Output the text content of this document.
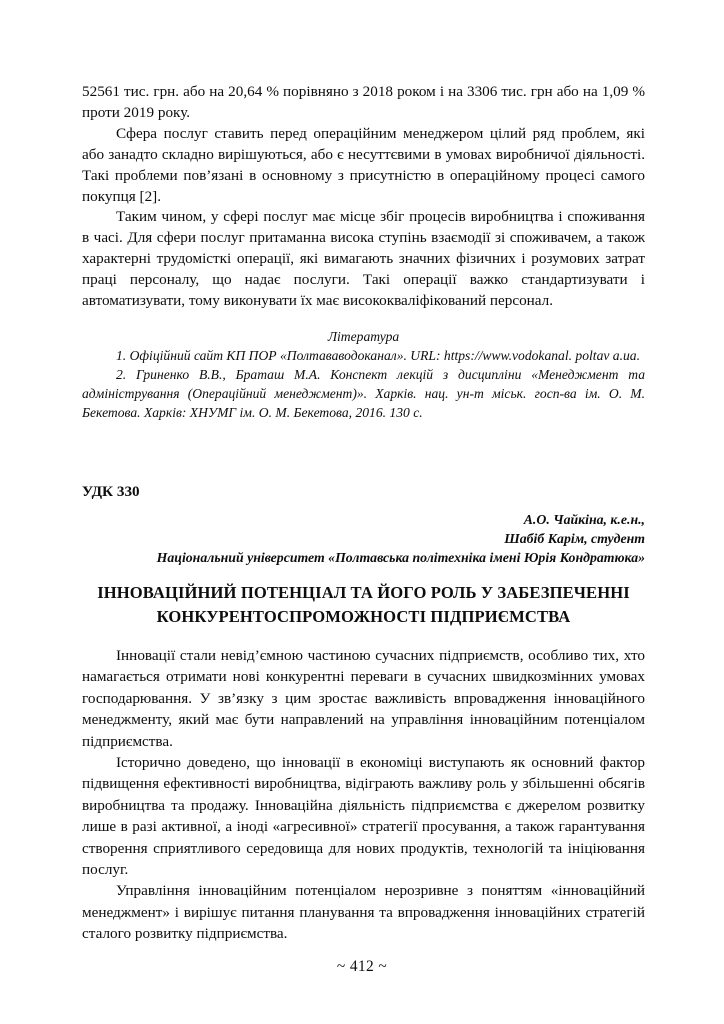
52561 тис. грн. або на 20,64 % порівняно з 2018 роком і на 3306 тис. грн або на 1,09 % проти 2019 року.

Сфера послуг ставить перед операційним менеджером цілий ряд проблем, які або занадто складно вирішуються, або є несуттєвими в умовах виробничої діяльності. Такі проблеми пов’язані в основному з присутністю в операційному процесі самого покупця [2].

Таким чином, у сфері послуг має місце збіг процесів виробництва і споживання в часі. Для сфери послуг притаманна висока ступінь взаємодії зі споживачем, а також характерні трудомісткі операції, які вимагають значних фізичних і розумових затрат праці персоналу, що надає послуги. Такі операції важко стандартизувати і автоматизувати, тому виконувати їх має висококваліфікований персонал.

Література

1. Офіційний сайт КП ПОР «Полтававодоканал». URL: https://www.vodokanal. poltav a.ua.

2. Гриненко В.В., Браташ М.А. Конспект лекцій з дисципліни «Менеджмент та адміністрування (Операційний менеджмент)». Харків. нац. ун-т міськ. госп-ва ім. О. М. Бекетова. Харків: ХНУМГ ім. О. М. Бекетова, 2016. 130 с.

УДК 330
А.О. Чайкіна, к.е.н.,
Шабіб Карім, студент
Національний університет «Полтавська політехніка імені Юрія Кондратюка»
ІННОВАЦІЙНИЙ ПОТЕНЦІАЛ ТА ЙОГО РОЛЬ У ЗАБЕЗПЕЧЕННІ КОНКУРЕНТОСПРОМОЖНОСТІ ПІДПРИЄМСТВА

Інновації стали невід’ємною частиною сучасних підприємств, особливо тих, хто намагається отримати нові конкурентні переваги в сучасних швидкозмінних умовах господарювання. У зв’язку з цим зростає важливість впровадження інноваційного менеджменту, який має бути направлений на управління інноваційним потенціалом підприємства.

Історично доведено, що інновації в економіці виступають як основний фактор підвищення ефективності виробництва, відіграють важливу роль у збільшенні обсягів виробництва та продажу. Інноваційна діяльність підприємства є джерелом розвитку лише в разі активної, а іноді «агресивної» стратегії просування, а також гарантування створення сприятливого середовища для нових продуктів, технологій та ініціювання послуг.

Управління інноваційним потенціалом нерозривне з поняттям «інноваційний менеджмент» і вирішує питання планування та впровадження інноваційних стратегій сталого розвитку підприємства.

~ 412 ~
